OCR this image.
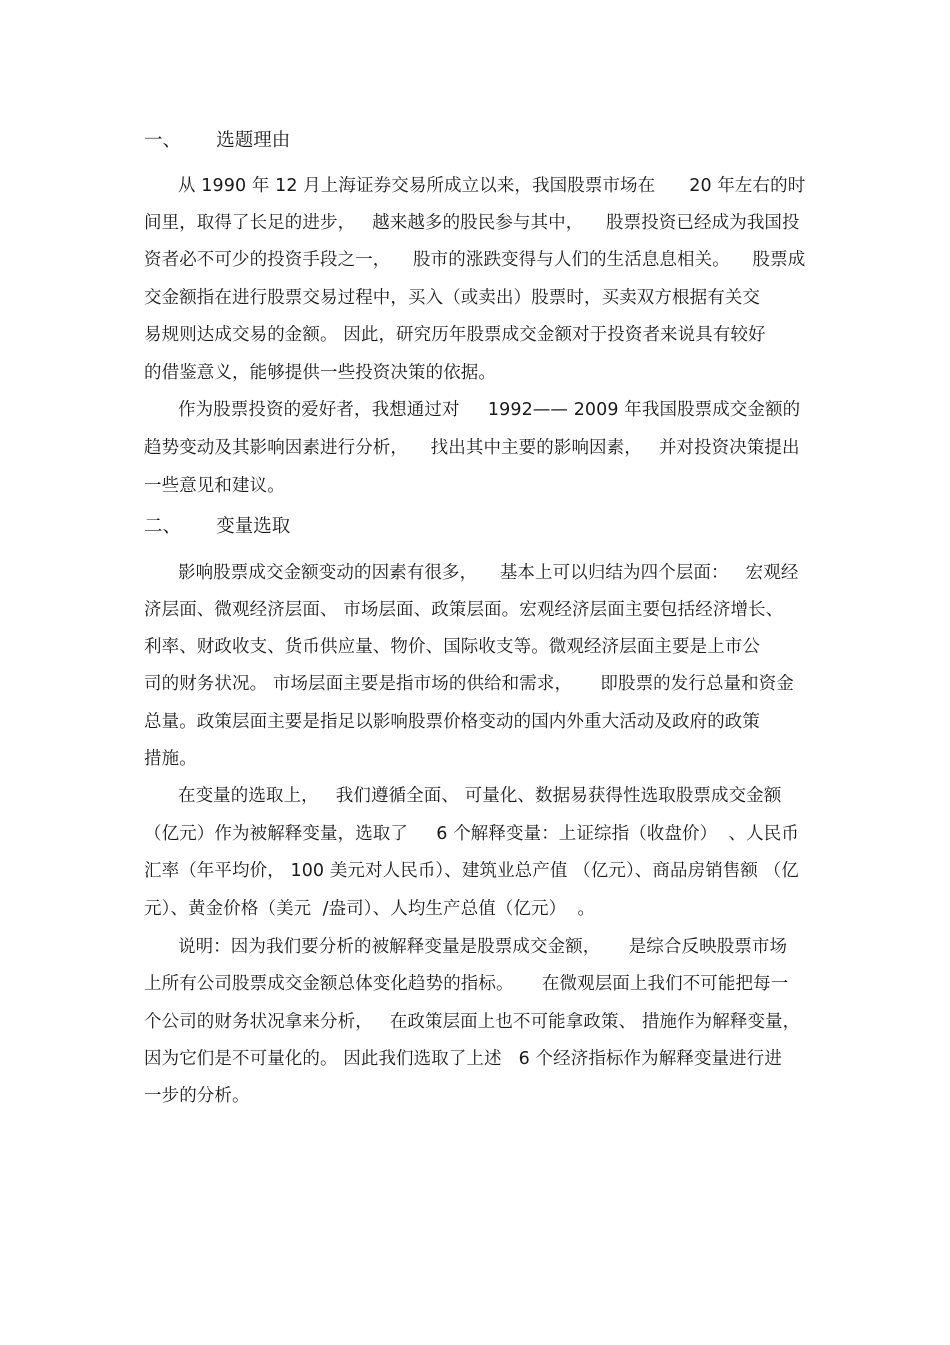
一、      选题理由
从 1990 年 12 月上海证券交易所成立以来，我国股票市场在      20 年左右的时
间里，取得了长足的进步，   越来越多的股民参与其中，    股票投资已经成为我国投
资者必不可少的投资手段之一，    股市的涨跌变得与人们的生活息息相关。    股票成
交金额指在进行股票交易过程中，买入（或卖出）股票时，买卖双方根据有关交
易规则达成交易的金额。 因此，研究历年股票成交金额对于投资者来说具有较好
的借鉴意义，能够提供一些投资决策的依据。
作为股票投资的爱好者，我想通过对     1992—— 2009 年我国股票成交金额的
趋势变动及其影响因素进行分析，    找出其中主要的影响因素，   并对投资决策提出
一些意见和建议。
二、      变量选取
影响股票成交金额变动的因素有很多，    基本上可以归结为四个层面：   宏观经
济层面、微观经济层面、 市场层面、政策层面。宏观经济层面主要包括经济增长、
利率、财政收支、货币供应量、物价、国际收支等。微观经济层面主要是上市公
司的财务状况。 市场层面主要是指市场的供给和需求，     即股票的发行总量和资金
总量。政策层面主要是指足以影响股票价格变动的国内外重大活动及政府的政策
措施。
在变量的选取上，   我们遵循全面、 可量化、数据易获得性选取股票成交金额
（亿元）作为被解释变量，选取了     6 个解释变量：上证综指（收盘价）  、人民币
汇率（年平均价， 100 美元对人民币）、建筑业总产值 （亿元）、商品房销售额 （亿
元）、黄金价格（美元  /盎司）、人均生产总值（亿元）  。
说明：因为我们要分析的被解释变量是股票成交金额，     是综合反映股票市场
上所有公司股票成交金额总体变化趋势的指标。     在微观层面上我们不可能把每一
个公司的财务状况拿来分析，   在政策层面上也不可能拿政策、 措施作为解释变量，
因为它们是不可量化的。 因此我们选取了上述   6 个经济指标作为解释变量进行进
一步的分析。
